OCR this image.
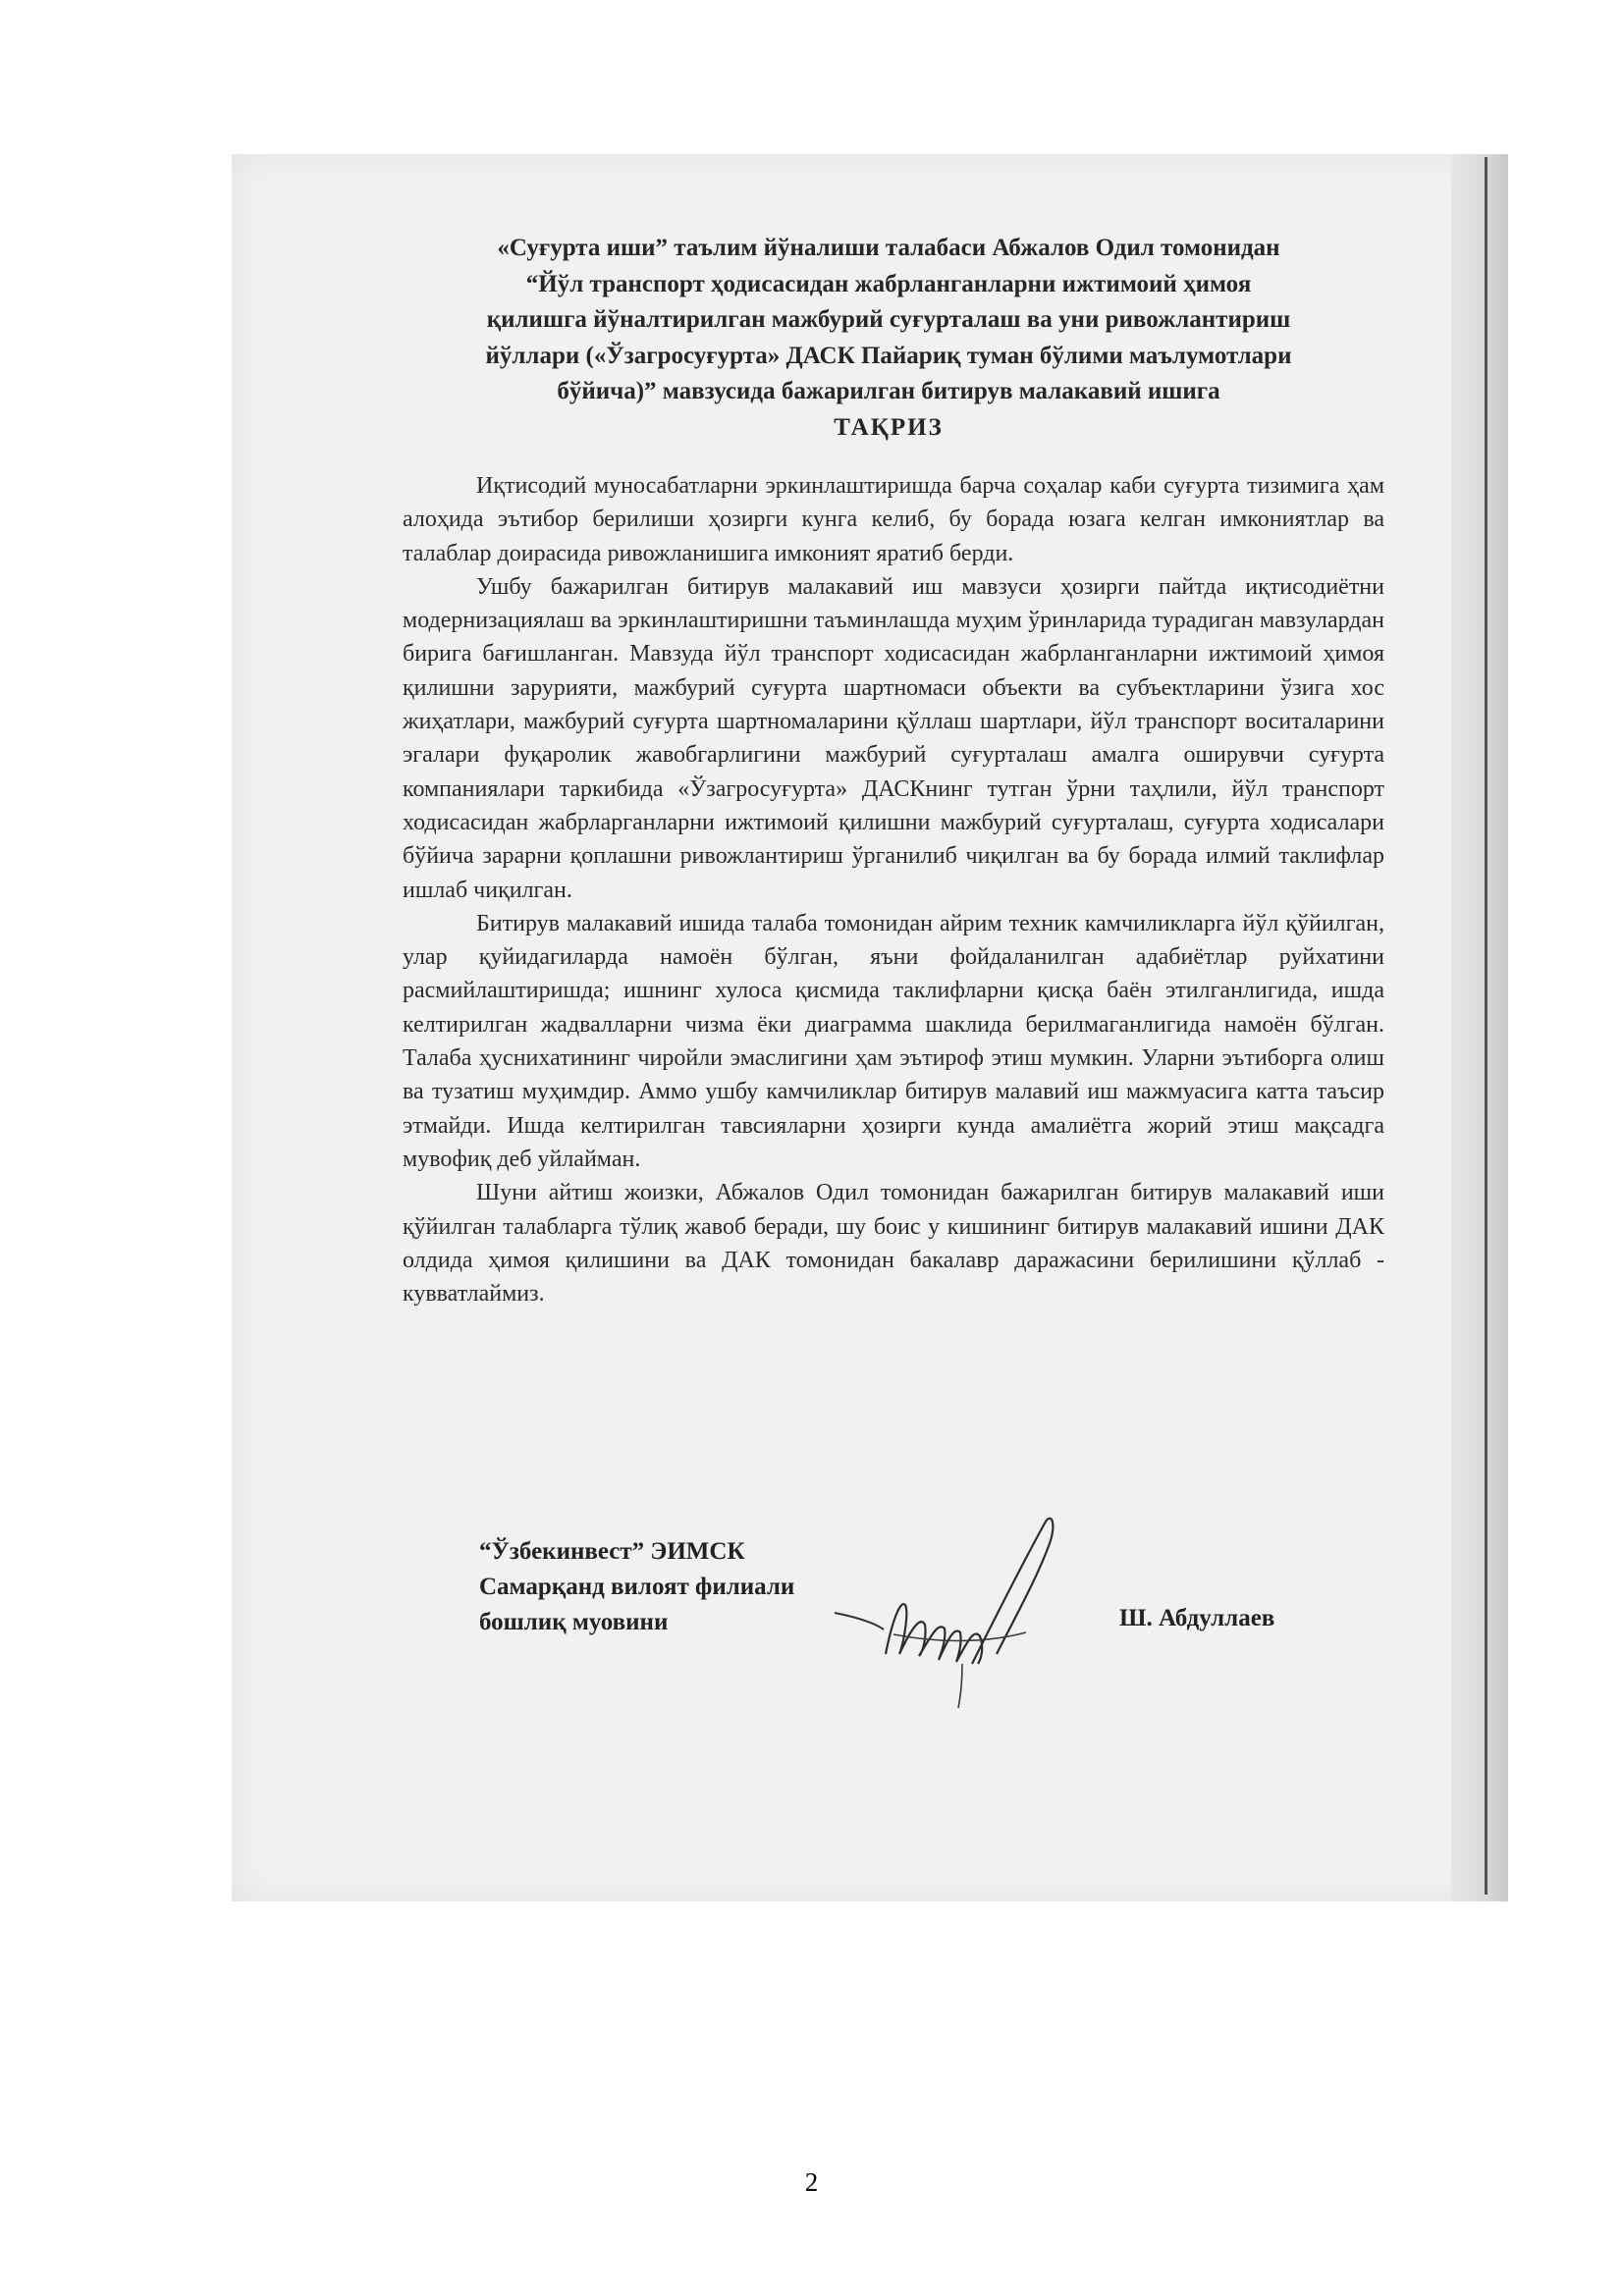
«Суғурта иши” таълим йўналиши талабаси Абжалов Одил томонидан
“Йўл транспорт ҳодисасидан жабрланганларни ижтимоий ҳимоя
қилишга йўналтирилган мажбурий суғурталаш ва уни ривожлантириш
йўллари («Ўзагросуғурта» ДАСК Пайариқ туман бўлими маълумотлари
бўйича)” мавзусида бажарилган битирув малакавий ишига
ТАҚРИЗ

Иқтисодий муносабатларни эркинлаштиришда барча соҳалар каби суғурта тизимига ҳам алоҳида эътибор берилиши ҳозирги кунга келиб, бу борада юзага келган имкониятлар ва талаблар доирасида ривожланишига имконият яратиб берди.

Ушбу бажарилган битирув малакавий иш мавзуси ҳозирги пайтда иқтисодиётни модернизациялаш ва эркинлаштиришни таъминлашда муҳим ўринларида турадиган мавзулардан бирига бағишланган. Мавзуда йўл транспорт ходисасидан жабрланганларни ижтимоий ҳимоя қилишни зарурияти, мажбурий суғурта шартномаси объекти ва субъектларини ўзига хос жиҳатлари, мажбурий суғурта шартномаларини қўллаш шартлари, йўл транспорт воситаларини эгалари фуқаролик жавобгарлигини мажбурий суғурталаш амалга оширувчи суғурта компаниялари таркибида «Ўзагросуғурта» ДАСКнинг тутган ўрни таҳлили, йўл транспорт ходисасидан жабрларганларни ижтимоий қилишни мажбурий суғурталаш, суғурта ходисалари бўйича зарарни қоплашни ривожлантириш ўрганилиб чиқилган ва бу борада илмий таклифлар ишлаб чиқилган.

Битирув малакавий ишида талаба томонидан айрим техник камчиликларга йўл қўйилган, улар қуйидагиларда намоён бўлган, яъни фойдаланилган адабиётлар руйхатини расмийлаштиришда; ишнинг хулоса қисмида таклифларни қисқа баён этилганлигида, ишда келтирилган жадвалларни чизма ёки диаграмма шаклида берилмаганлигида намоён бўлган. Талаба ҳуснихатининг чиройли эмаслигини ҳам эътироф этиш мумкин. Уларни эътиборга олиш ва тузатиш муҳимдир. Аммо ушбу камчиликлар битирув малавий иш мажмуасига катта таъсир этмайди. Ишда келтирилган тавсияларни ҳозирги кунда амалиётга жорий этиш мақсадга мувофиқ деб уйлайман.

Шуни айтиш жоизки, Абжалов Одил томонидан бажарилган битирув малакавий иши қўйилган талабларга тўлиқ жавоб беради, шу боис у кишининг битирув малакавий ишини ДАК олдида ҳимоя қилишини ва ДАК томонидан бакалавр даражасини берилишини қўллаб - кувватлаймиз.

“Ўзбекинвест” ЭИМСК
Самарқанд вилоят филиали
бошлиқ муовини	Ш. Абдуллаев
2
